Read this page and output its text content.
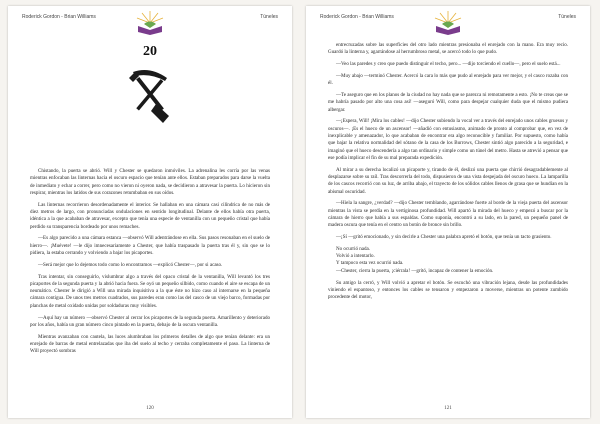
Roderick Gordon - Brian Williams	Túneles
20

Chistando, la puerta se abrió. Will y Chester se quedaron inmóviles. La adrenalina les corría por las venas mientras enfocaban las linternas hacia el oscuro espacio que tenían ante ellos. Estaban preparados para darse la vuelta de inmediato y echar a correr, pero como no vieron ni oyeron nada, se decidieron a atravesar la puerta. Lo hicieron sin respirar, mientras los latidos de sus corazones retumbaban en sus oídos.

Las linternas recorrieron desordenadamente el interior. Se hallaban en una cámara casi cilíndrica de no más de diez metros de largo, con pronunciadas ondulaciones en sentido longitudinal. Delante de ellos había otra puerta, idéntica a la que acababan de atravesar, excepto que tenía una especie de ventanilla con un pequeño cristal que había perdido su transparencia bordeado por unos remaches.

—Es algo parecido a una cámara estanca —observó Will adentrándose en ella. Sus pasos resonaban en el suelo de hierro—. ¡Muévete! —le dijo imnecesariamente a Chester, que había traspasado la puerta tras él y, sin que se lo pidiera, la estaba cerrando y volviendo a bajar los picaportes.

—Será mejor que lo dejemos todo como lo encontramos —explicó Chester—, por si acaso.

Tras intentar, sin conseguirlo, vislumbrar algo a través del opaco cristal de la ventanilla, Will levantó los tres picaportes de la segunda puerta y la abrió hacia fuera. Se oyó un pequeño silbido, como cuando el aire se escapa de un neumático. Chester le dirigió a Will una mirada inquisitiva a la que éste no hizo caso al internarse en la pequeña cámara contigua. De unos tres metros cuadrados, sus paredes eran como las del casco de un viejo barco, formadas por planchas de metal oxidado unidas por soldaduras muy visibles.

—Aquí hay un número —observó Chester al cerrar los picaportes de la segunda puerta. Amarillento y deteriorado por los años, había un gran número cinco pintado en la puerta, debajo de la oscura ventanilla.

Mientras avanzaban con cautela, las luces alumbraban los primeros detalles de algo que tenían delante: era un enrejado de barras de metal entrelazadas que iba del suelo al techo y cerraba completamente el paso. La linterna de Will proyectó sombras

120
Roderick Gordon - Brian Williams	Túneles

entrecruzadas sobre las superficies del otro lado mientras presionaba el enrejado con la mano. Era muy recio. Guardó la linterna y, agarrándose al herrumbroso metal, se acercó todo lo que pudo.

—Veo las paredes y creo que puedo distinguir el techo, pero... —dijo torciendo el cuello—, pero el suelo está...

—Muy abajo —terminó Chester. Acercó la cara lo más que pudo al enrejado para ver mejor, y el casco rozaba con él.

—Te aseguro que en los planos de la ciudad no hay nada que se parezca ni remotamente a esto. ¡No te creas que se me habría pasado por alto una cosa así! —aseguró Will, como para despejar cualquier duda que el mismo pudiera albergar.

—¡Espera, Will! ¡Mira los cables! —dijo Chester subiendo la vocal ver a través del enrejado unos cables gruesos y oscuros—. ¡Es el hueco de un ascensor! —añadió con entusiasmo, animado de pronto al comprobar que, en vez de inexplicable y amenazador, lo que acababan de encontrar era algo reconocible y familiar. Por supuesto, como había que bajar la relativa normalidad del sótano de la casa de los Burrows, Chester sintió algo parecido a la seguridad, e imaginó que el hueco descendería a algo tan ordinario y simple como un túnel del metro. Hasta se atrevió a pensar que ese podía implicar el fin de su mal preparada expedición.

Al mirar a su derecha localizó un picaporte y, tirando de él, deslizó una puerta que chirrió desagradablemente al desplazarse sobre su raíl. Tras descorrerla del todo, dispusieron de una vista despejada del oscuro hueco. La lamparilla de los cascos recorrió con su luz, de arriba abajo, el trayecto de los sólidos cables llenos de grasa que se hundían en la abismal oscuridad.

—Hiela la sangre, ¿verdad? —dijo Chester temblando, agarrándose fuerte al borde de la vieja puerta del ascensor mientras la vista se perdía en la vertiginosa profundidad. Will apartó la mirada del hueco y empezó a buscar por la cámara de hierro que había a sus espaldas. Como suponía, encontró a su lado, en la pared, un pequeño panel de madera oscura que tenía en el centro un botón de bronce sin brillo.

—¡Sí —gritó emocionado, y sin decirle a Chester una palabra apretó el botón, que tenía un tacto grasiento.

No ocurrió nada.

Volvió a intentarlo.

Y tampoco esta vez ocurrió nada.

—Chester, cierra la puerta, ¡ciérrala! —gritó, incapaz de contener la emoción.

Su amigo la cerró, y Will volvió a apretar el botón. Se escuchó una vibración lejana, desde las profundidades viniendo el espantoso, y entonces los cables se tensaron y empezaron a moverse, mientras un potente zumbido procedente del motor,

121
